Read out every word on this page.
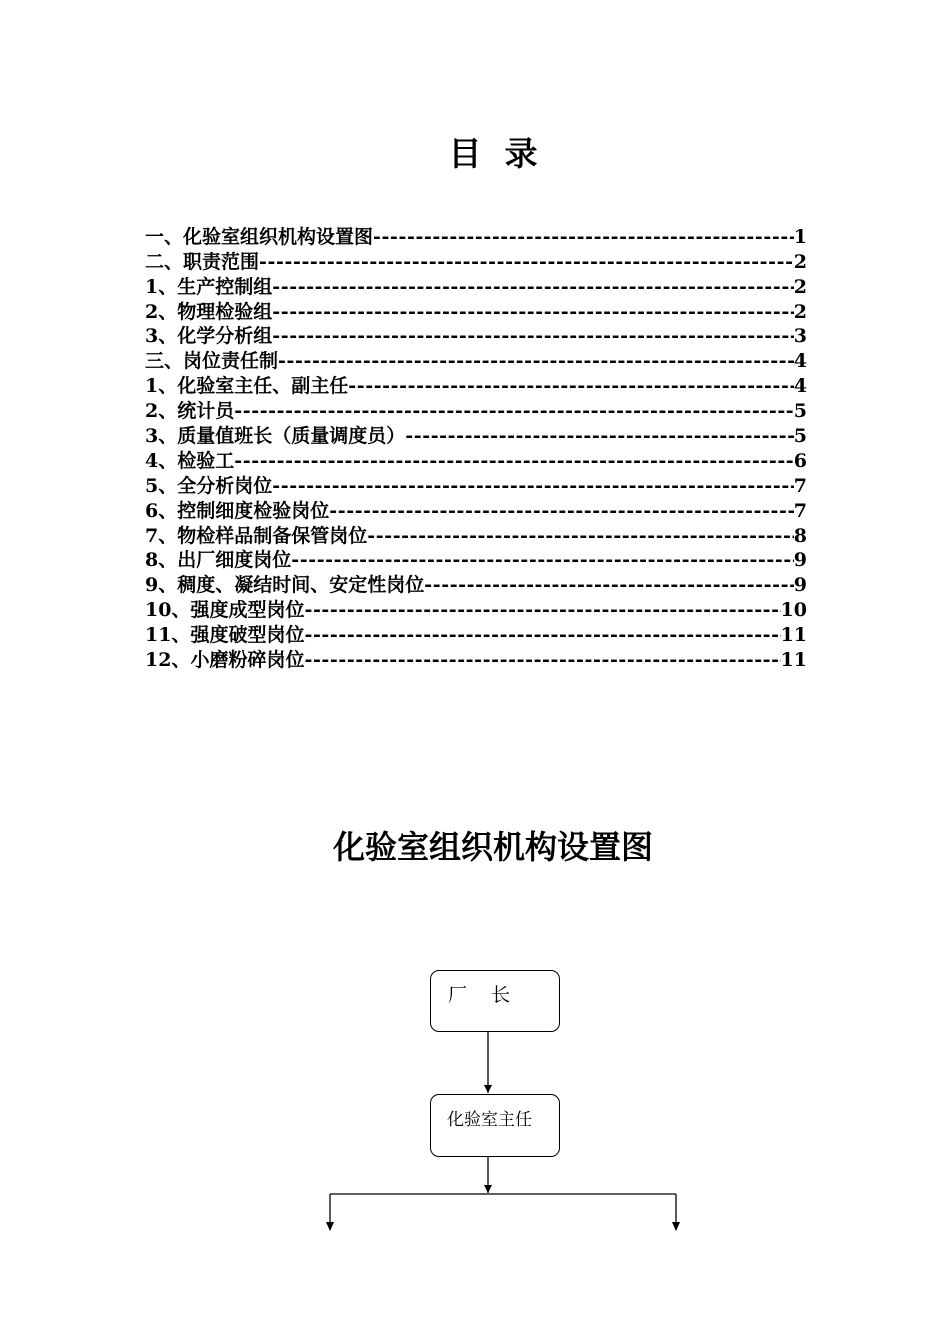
目  录
一、化验室组织机构设置图 -----	1
二、职责范围 -----	2
1、生产控制组 -----	2
2、物理检验组 -----	2
3、化学分析组 -----	3
三、岗位责任制 -----	4
1、化验室主任、副主任 -----	4
2、统计员 -----	5
3、质量值班长（质量调度员） -----	5
4、检验工 -----	6
5、全分析岗位 -----	7
6、控制细度检验岗位 -----	7
7、物检样品制备保管岗位 -----	8
8、出厂细度岗位 -----	9
9、稠度、凝结时间、安定性岗位 -----	9
10、强度成型岗位 -----	10
11、强度破型岗位 -----	11
12、小磨粉碎岗位 -----	11
化验室组织机构设置图
厂    长
化验室主任
